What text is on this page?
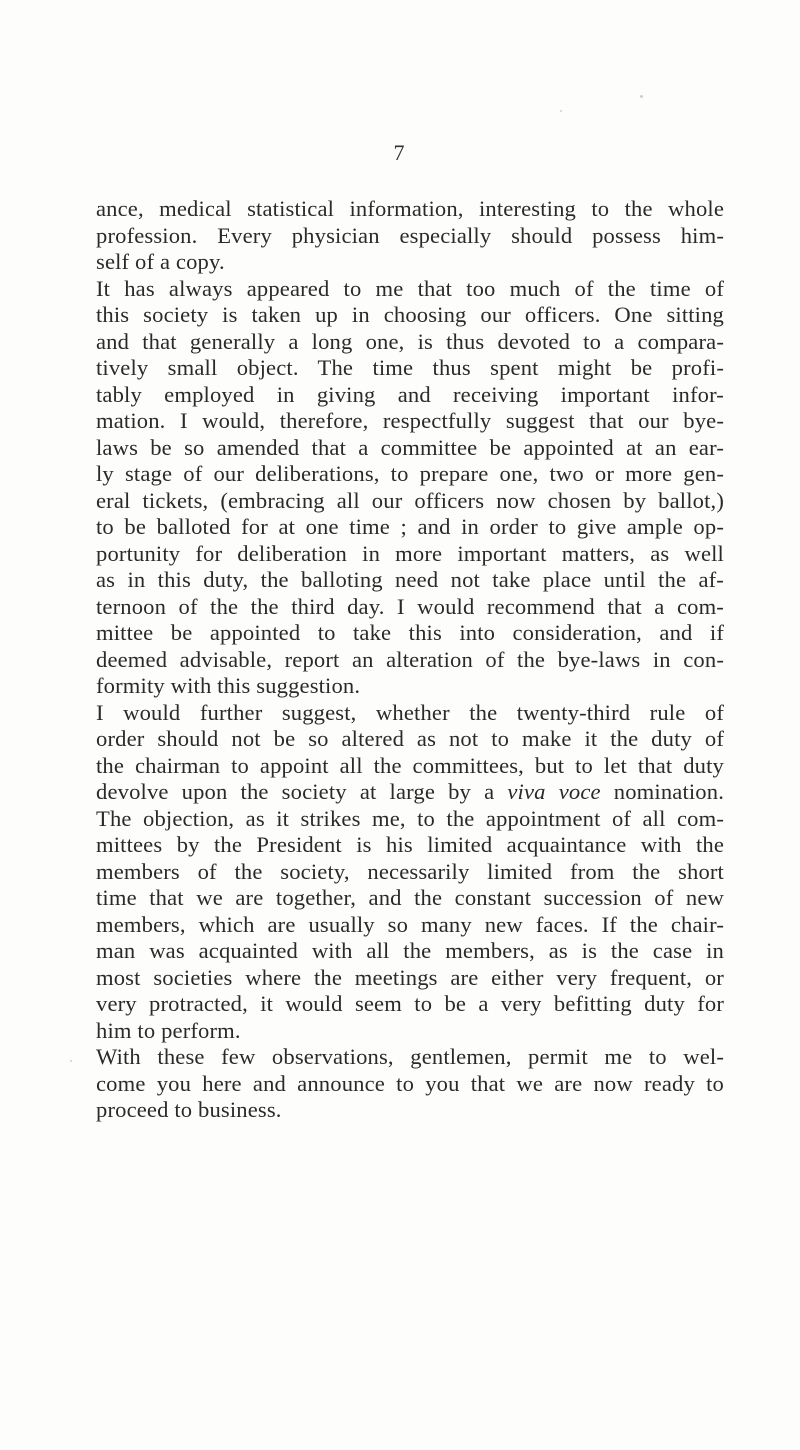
7
ance, medical statistical information, interesting to the whole
profession. Every physician especially should possess him-
self of a copy.
It has always appeared to me that too much of the time of
this society is taken up in choosing our officers. One sitting
and that generally a long one, is thus devoted to a compara-
tively small object. The time thus spent might be profi-
tably employed in giving and receiving important infor-
mation. I would, therefore, respectfully suggest that our bye-
laws be so amended that a committee be appointed at an ear-
ly stage of our deliberations, to prepare one, two or more gen-
eral tickets, (embracing all our officers now chosen by ballot,)
to be balloted for at one time ; and in order to give ample op-
portunity for deliberation in more important matters, as well
as in this duty, the balloting need not take place until the af-
ternoon of the the third day. I would recommend that a com-
mittee be appointed to take this into consideration, and if
deemed advisable, report an alteration of the bye-laws in con-
formity with this suggestion.
I would further suggest, whether the twenty-third rule of
order should not be so altered as not to make it the duty of
the chairman to appoint all the committees, but to let that duty
devolve upon the society at large by a viva voce nomination.
The objection, as it strikes me, to the appointment of all com-
mittees by the President is his limited acquaintance with the
members of the society, necessarily limited from the short
time that we are together, and the constant succession of new
members, which are usually so many new faces. If the chair-
man was acquainted with all the members, as is the case in
most societies where the meetings are either very frequent, or
very protracted, it would seem to be a very befitting duty for
him to perform.
With these few observations, gentlemen, permit me to wel-
come you here and announce to you that we are now ready to
proceed to business.
